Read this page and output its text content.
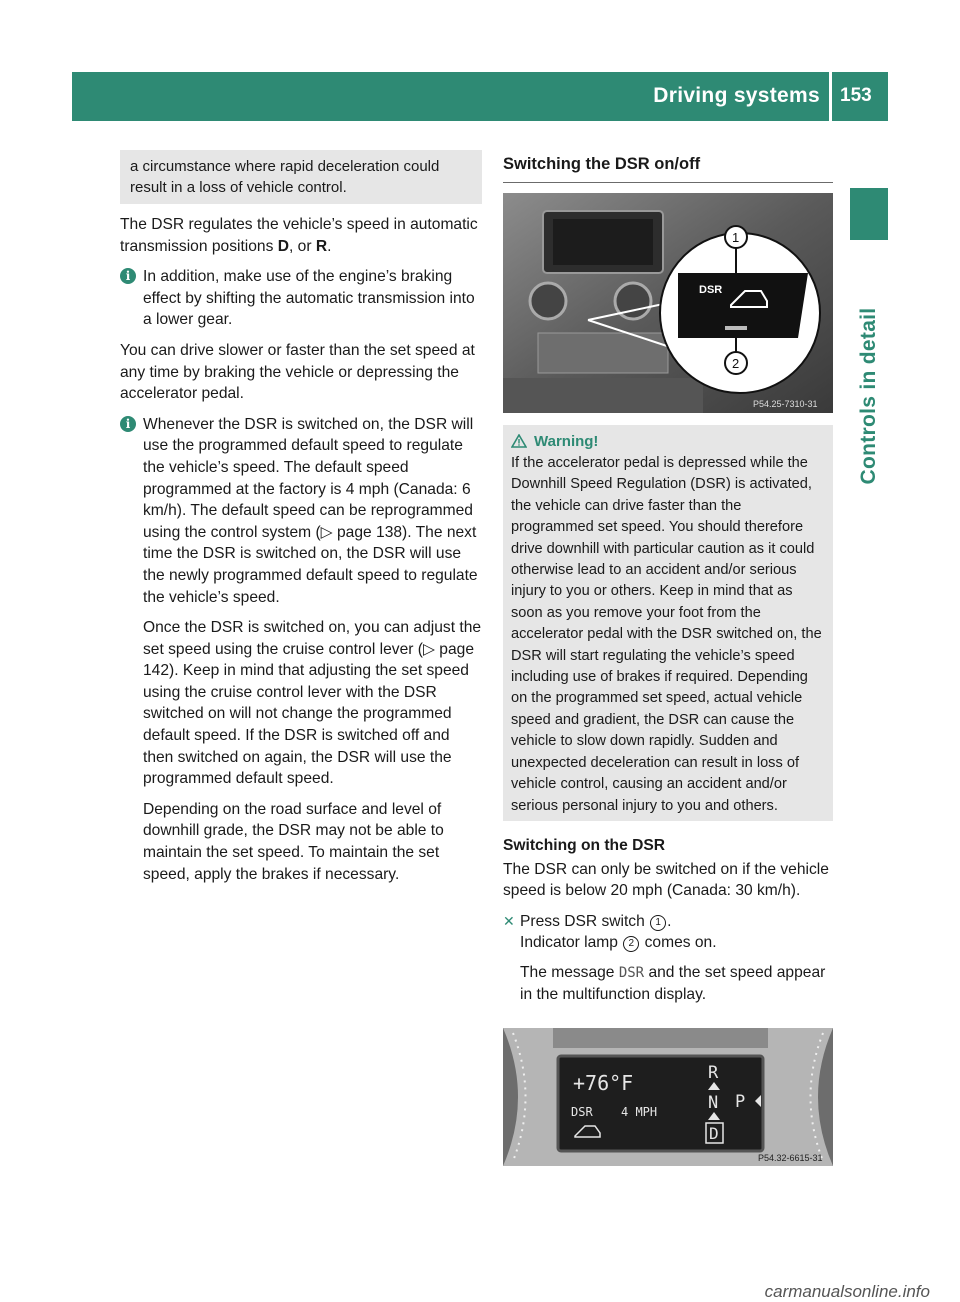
Driving systems 153
Controls in detail
a circumstance where rapid deceleration could result in a loss of vehicle control.

The DSR regulates the vehicle’s speed in automatic transmission positions D, or R.

i In addition, make use of the engine’s braking effect by shifting the automatic transmission into a lower gear.

You can drive slower or faster than the set speed at any time by braking the vehicle or depressing the accelerator pedal.

i Whenever the DSR is switched on, the DSR will use the programmed default speed to regulate the vehicle’s speed. The default speed programmed at the factory is 4 mph (Canada: 6 km/h). The default speed can be reprogrammed using the control system (▷ page 138). The next time the DSR is switched on, the DSR will use the newly programmed default speed to regulate the vehicle’s speed.
Once the DSR is switched on, you can adjust the set speed using the cruise control lever (▷ page 142). Keep in mind that adjusting the set speed using the cruise control lever with the DSR switched on will not change the programmed default speed. If the DSR is switched off and then switched on again, the DSR will use the programmed default speed.
Depending on the road surface and level of downhill grade, the DSR may not be able to maintain the set speed. To maintain the set speed, apply the brakes if necessary.
Switching the DSR on/off
DSR
1
2
P54.25-7310-31
Warning!
If the accelerator pedal is depressed while the Downhill Speed Regulation (DSR) is activated, the vehicle can drive faster than the programmed set speed. You should therefore drive downhill with particular caution as it could otherwise lead to an accident and/or serious injury to you or others. Keep in mind that as soon as you remove your foot from the accelerator pedal with the DSR switched on, the DSR will start regulating the vehicle’s speed including use of brakes if required. Depending on the programmed set speed, actual vehicle speed and gradient, the DSR can cause the vehicle to slow down rapidly. Sudden and unexpected deceleration can result in loss of vehicle control, causing an accident and/or serious personal injury to you and others.
Switching on the DSR

The DSR can only be switched on if the vehicle speed is below 20 mph (Canada: 30 km/h).

✕ Press DSR switch 1 .
Indicator lamp 2 comes on.
The message DSR and the set speed appear in the multifunction display.
+76°F
DSR 4 MPH
R
N P
D
P54.32-6615-31
carmanualsonline.info
